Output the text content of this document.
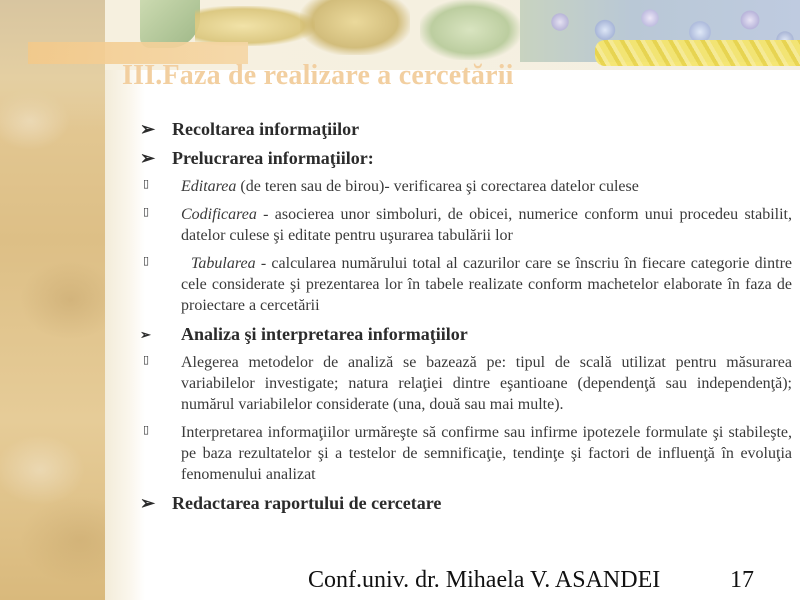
III.Faza de realizare a cercetării

➢ Recoltarea informaţiilor

➢ Prelucrarea informaţiilor:

▯ Editarea (de teren sau de birou)- verificarea şi corectarea datelor culese

▯ Codificarea - asocierea unor simboluri, de obicei, numerice conform unui procedeu stabilit, datelor culese şi editate pentru uşurarea tabulării lor

▯	Tabularea - calcularea numărului total al cazurilor care se înscriu în fiecare categorie dintre cele considerate şi prezentarea lor în tabele realizate conform machetelor elaborate în faza de proiectare a cercetării

➢ Analiza şi interpretarea informaţiilor

▯ Alegerea metodelor de analiză se bazează pe: tipul de scală utilizat pentru măsurarea variabilelor investigate; natura relaţiei dintre eşantioane (dependenţă sau independenţă); numărul variabilelor considerate (una, două sau mai multe).

▯ Interpretarea informaţiilor urmăreşte să confirme sau infirme ipotezele formulate şi stabileşte, pe baza rezultatelor şi a testelor de semnificaţie, tendinţe şi factori de influenţă în evoluţia fenomenului analizat

➢ Redactarea raportului de cercetare

Conf.univ. dr. Mihaela V. ASANDEI	17
